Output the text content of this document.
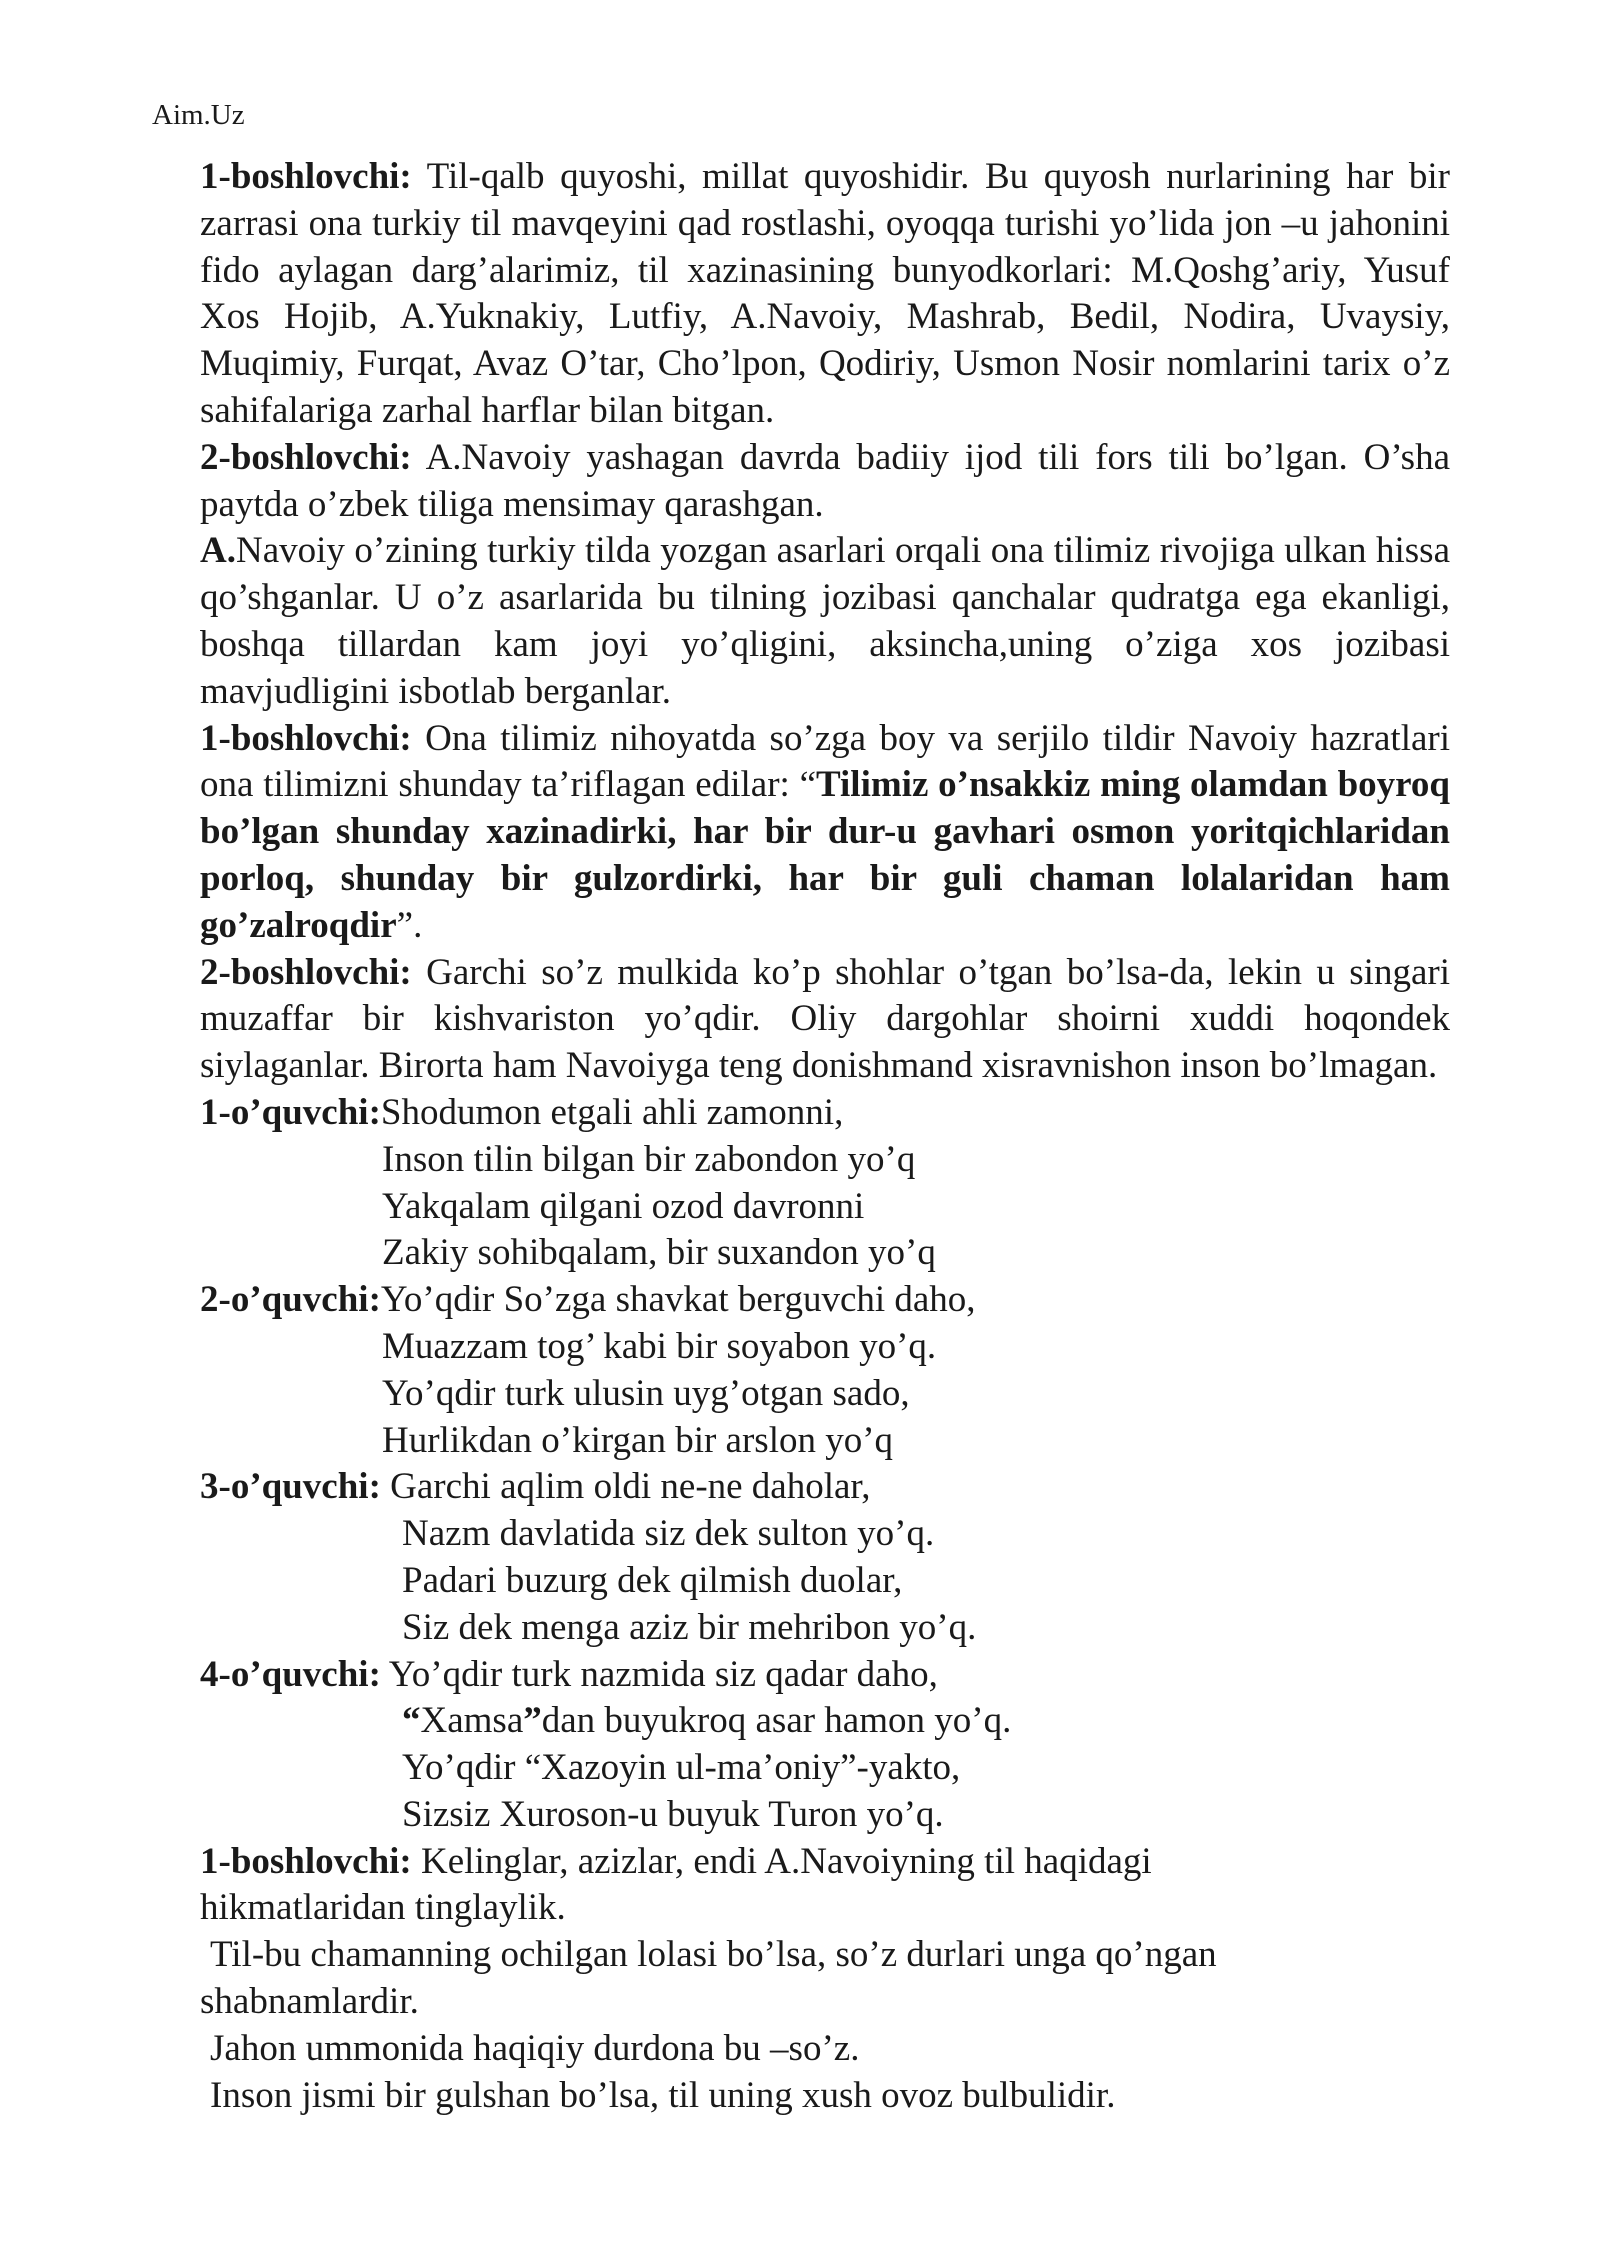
Aim.Uz

1-boshlovchi: Til-qalb quyoshi, millat quyoshidir. Bu quyosh nurlarining har bir zarrasi ona turkiy til mavqeyini qad rostlashi, oyoqqa turishi yo’lida jon –u jahonini fido aylagan darg’alarimiz, til xazinasining bunyodkorlari: M.Qoshg’ariy, Yusuf Xos Hojib, A.Yuknakiy, Lutfiy, A.Navoiy, Mashrab, Bedil, Nodira, Uvaysiy, Muqimiy, Furqat, Avaz O’tar, Cho’lpon, Qodiriy, Usmon Nosir nomlarini tarix o’z sahifalariga zarhal harflar bilan bitgan.

2-boshlovchi: A.Navoiy yashagan davrda badiiy ijod tili fors tili bo’lgan. O’sha paytda o’zbek tiliga mensimay qarashgan.

A.Navoiy o’zining turkiy tilda yozgan asarlari orqali ona tilimiz rivojiga ulkan hissa qo’shganlar. U o’z asarlarida bu tilning jozibasi qanchalar qudratga ega ekanligi, boshqa tillardan kam joyi yo’qligini, aksincha,uning o’ziga xos jozibasi mavjudligini isbotlab berganlar.

1-boshlovchi: Ona tilimiz nihoyatda so’zga boy va serjilo tildir Navoiy hazratlari ona tilimizni shunday ta’riflagan edilar: “Tilimiz o’nsakkiz ming olamdan boyroq bo’lgan shunday xazinadirki, har bir dur-u gavhari osmon yoritqichlaridan porloq, shunday bir gulzordirki, har bir guli chaman lolalaridan ham go’zalroqdir”.

2-boshlovchi: Garchi so’z mulkida ko’p shohlar o’tgan bo’lsa-da, lekin u singari muzaffar bir kishvariston yo’qdir. Oliy dargohlar shoirni xuddi hoqondek siylaganlar. Birorta ham Navoiyga teng donishmand xisravnishon inson bo’lmagan.

1-o’quvchi:Shodumon etgali ahli zamonni,

Inson tilin bilgan bir zabondon yo’q

Yakqalam qilgani ozod davronni

Zakiy sohibqalam, bir suxandon yo’q

2-o’quvchi:Yo’qdir So’zga shavkat berguvchi daho,

Muazzam tog’ kabi bir soyabon yo’q.

Yo’qdir turk ulusin uyg’otgan sado,

Hurlikdan o’kirgan bir arslon yo’q

3-o’quvchi: Garchi aqlim oldi ne-ne daholar,

Nazm davlatida siz dek sulton yo’q.

Padari buzurg dek qilmish duolar,

Siz dek menga aziz bir mehribon yo’q.

4-o’quvchi: Yo’qdir turk nazmida siz qadar daho,

“Xamsa”dan buyukroq asar hamon yo’q.

Yo’qdir “Xazoyin ul-ma’oniy”-yakto,

Sizsiz Xuroson-u buyuk Turon yo’q.

1-boshlovchi: Kelinglar, azizlar, endi A.Navoiyning til haqidagi

hikmatlaridan tinglaylik.

Til-bu chamanning ochilgan lolasi bo’lsa, so’z durlari unga qo’ngan

shabnamlardir.

Jahon ummonida haqiqiy durdona bu –so’z.

Inson jismi bir gulshan bo’lsa, til uning xush ovoz bulbulidir.
